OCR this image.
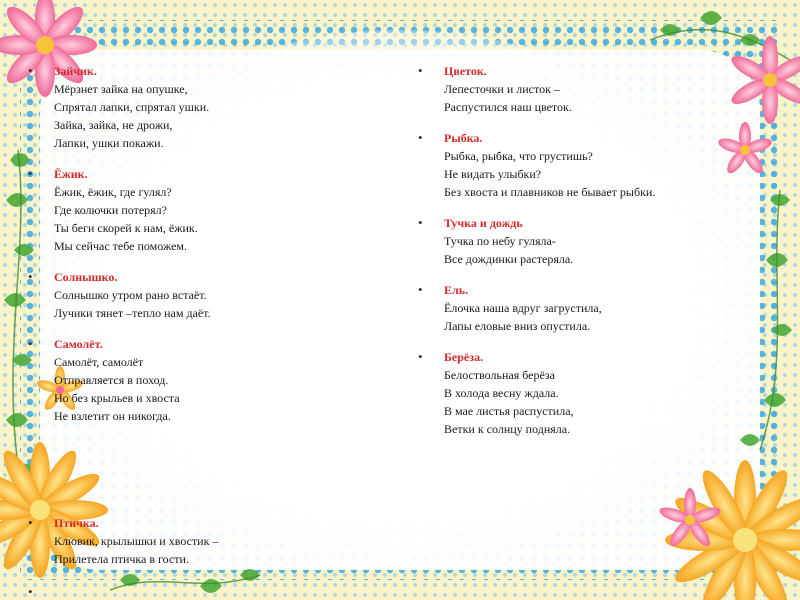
• Зайчик.
Мёрзнет зайка на опушке,
Спрятал лапки, спрятал ушки.
Зайка, зайка, не дрожи,
Лапки, ушки покажи.
• Ёжик.
Ёжик, ёжик, где гулял?
Где колючки потерял?
Ты беги скорей к нам, ёжик.
Мы сейчас тебе поможем.
• Солнышко.
Солнышко утром рано встаёт.
Лучики тянет –тепло нам даёт.
• Самолёт.
Самолёт, самолёт
Отправляется в поход.
Но без крыльев и хвоста
Не взлетит он никогда.
• Птичка.
Клювик, крылышки и хвостик –
Прилетела птичка в гости.
•
• Цветок.
Лепесточки и листок –
Распустился наш цветок.
• Рыбка.
Рыбка, рыбка, что грустишь?
Не видать улыбки?
Без хвоста и плавников не бывает рыбки.
• Тучка и дождь
Тучка по небу гуляла-
Все дождинки растеряла.
• Ель.
Ёлочка наша вдруг загрустила,
Лапы еловые вниз опустила.
• Берёза.
Белоствольная берёза
В холода весну ждала.
В мае листья распустила,
Ветки к солнцу подняла.
